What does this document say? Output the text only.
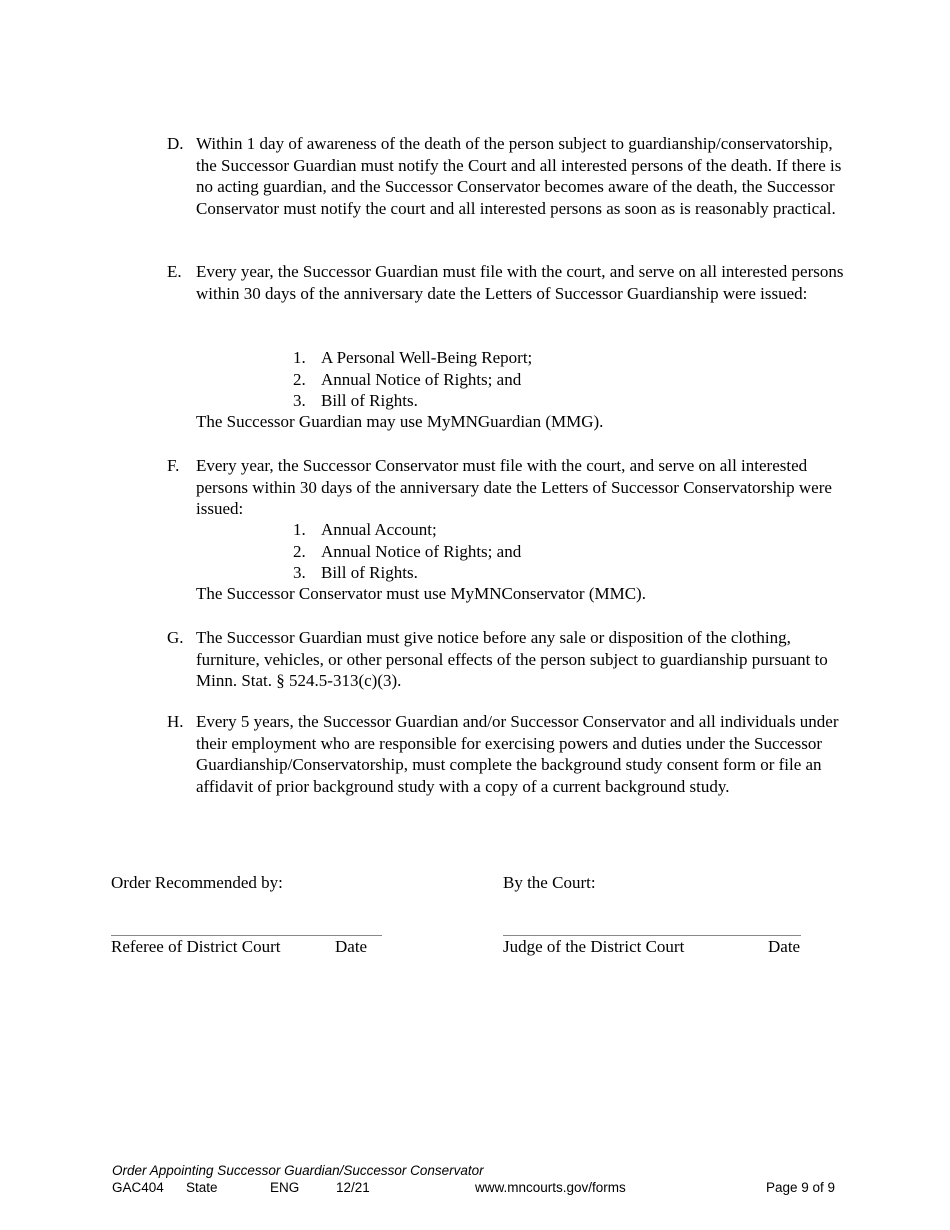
D. Within 1 day of awareness of the death of the person subject to guardianship/conservatorship, the Successor Guardian must notify the Court and all interested persons of the death. If there is no acting guardian, and the Successor Conservator becomes aware of the death, the Successor Conservator must notify the court and all interested persons as soon as is reasonably practical.
E. Every year, the Successor Guardian must file with the court, and serve on all interested persons within 30 days of the anniversary date the Letters of Successor Guardianship were issued:
1. A Personal Well-Being Report;
2. Annual Notice of Rights; and
3. Bill of Rights.
The Successor Guardian may use MyMNGuardian (MMG).
F. Every year, the Successor Conservator must file with the court, and serve on all interested persons within 30 days of the anniversary date the Letters of Successor Conservatorship were issued:
1. Annual Account;
2. Annual Notice of Rights; and
3. Bill of Rights.
The Successor Conservator must use MyMNConservator (MMC).
G. The Successor Guardian must give notice before any sale or disposition of the clothing, furniture, vehicles, or other personal effects of the person subject to guardianship pursuant to Minn. Stat. § 524.5-313(c)(3).
H. Every 5 years, the Successor Guardian and/or Successor Conservator and all individuals under their employment who are responsible for exercising powers and duties under the Successor Guardianship/Conservatorship, must complete the background study consent form or file an affidavit of prior background study with a copy of a current background study.
Order Recommended by:	By the Court:
Referee of District Court	Date	Judge of the District Court	Date
Order Appointing Successor Guardian/Successor Conservator
GAC404 State	ENG	12/21	www.mncourts.gov/forms	Page 9 of 9
